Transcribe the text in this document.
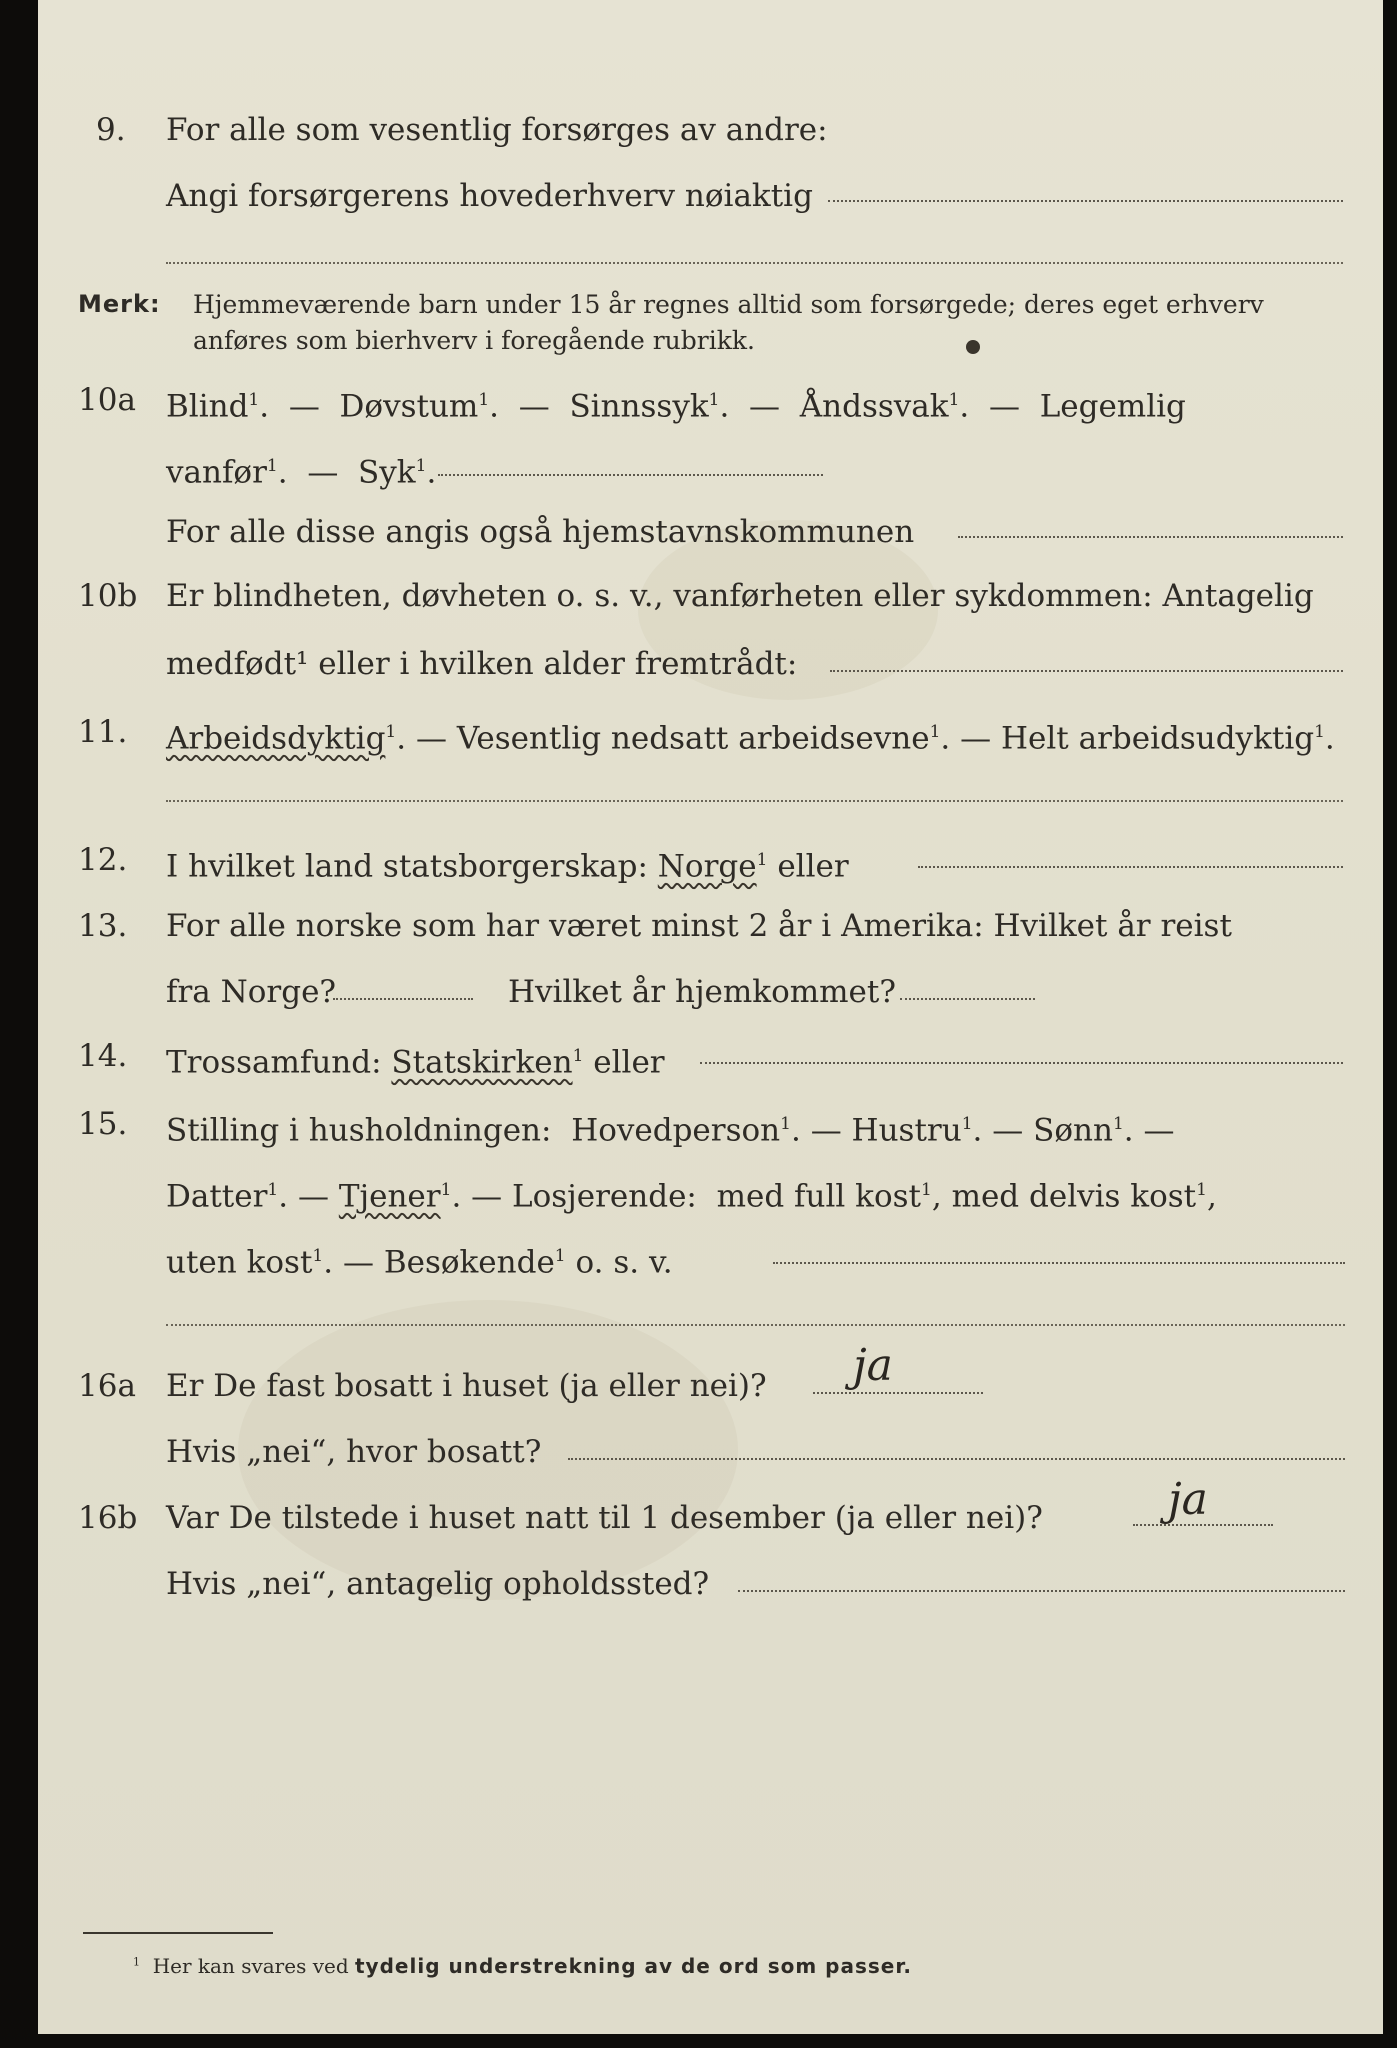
9. For alle som vesentlig forsørges av andre:
Angi forsørgerens hovederhverv nøiaktig
Merk: Hjemmeværende barn under 15 år regnes alltid som forsørgede; deres eget erhverv
anføres som bierhverv i foregående rubrikk.
10a Blind$^1$.  —  Døvstum$^1$.  —  Sinnssyk$^1$.  —  Åndssvak$^1$.  —  Legemlig
vanfør$^1$.  —  Syk$^1$.
For alle disse angis også hjemstavnskommunen
10b Er blindheten, døvheten o. s. v., vanførheten eller sykdommen: Antagelig
medfødt¹ eller i hvilken alder fremtrådt:
11. Arbeidsdyktig$^1$. — Vesentlig nedsatt arbeidsevne$^1$. — Helt arbeidsudyktig$^1$.
12. I hvilket land statsborgerskap: Norge$^1$ eller
13. For alle norske som har været minst 2 år i Amerika: Hvilket år reist
fra Norge?	Hvilket år hjemkommet?
14. Trossamfund: Statskirken$^1$ eller
15. Stilling i husholdningen: Hovedperson$^1$. — Hustru$^1$. — Sønn$^1$. —
Datter$^1$. — Tjener$^1$. — Losjerende: med full kost$^1$, med delvis kost$^1$,
uten kost$^1$. — Besøkende$^1$ o. s. v.
16a Er De fast bosatt i huset (ja eller nei)? ja
Hvis „nei“, hvor bosatt?
16b Var De tilstede i huset natt til 1 desember (ja eller nei)?	ja
Hvis „nei“, antagelig opholdssted?
$^1$ Her kan svares ved tydelig understrekning av de ord som passer.
